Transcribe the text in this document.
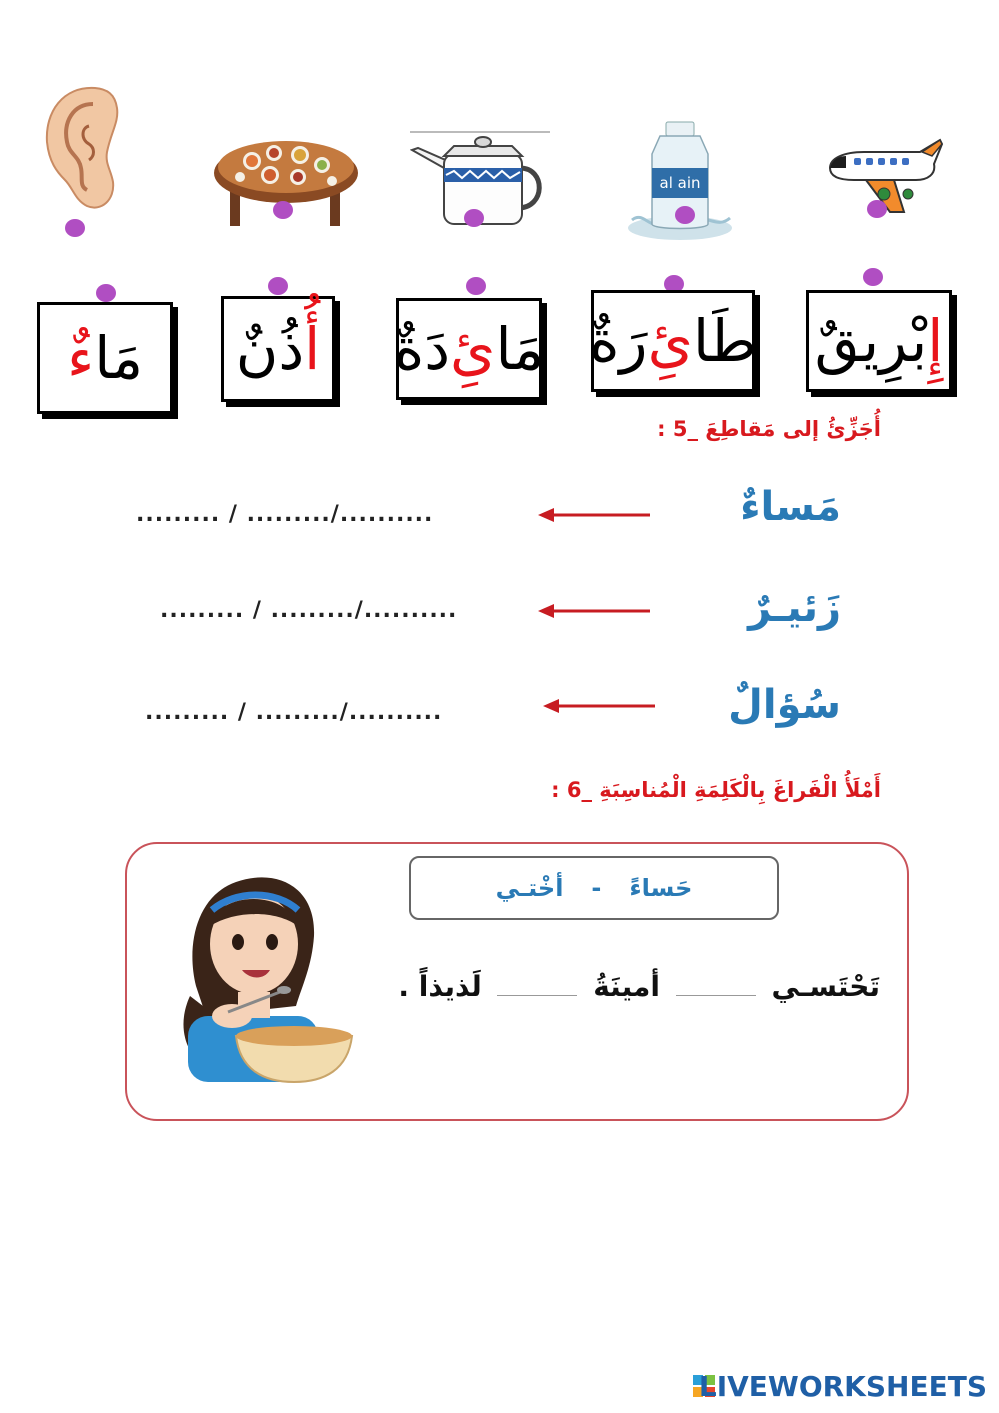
al ain
مَا
ءٌ	أُ
ذُنٌ	مَا
ئِ
دَةٌ	طَا
ئِ
رَةٌ	إِ
بْرِيقٌ
أُجَزِّئُ إلى مَقاطِعَ _5 :
مَساءٌ
......... / ........./..........
زَئيـرٌ
......... / ........./..........
سُؤالٌ
......... / ........./..........
أَمْلَأُ الْفَراغَ بِالْكَلِمَةِ الْمُناسِبَةِ _6 :
حَساءً
-
أخْتـي
تَحْتَسـي  أمينَةُ  لَذيذاً .
LIVEWORKSHEETS
